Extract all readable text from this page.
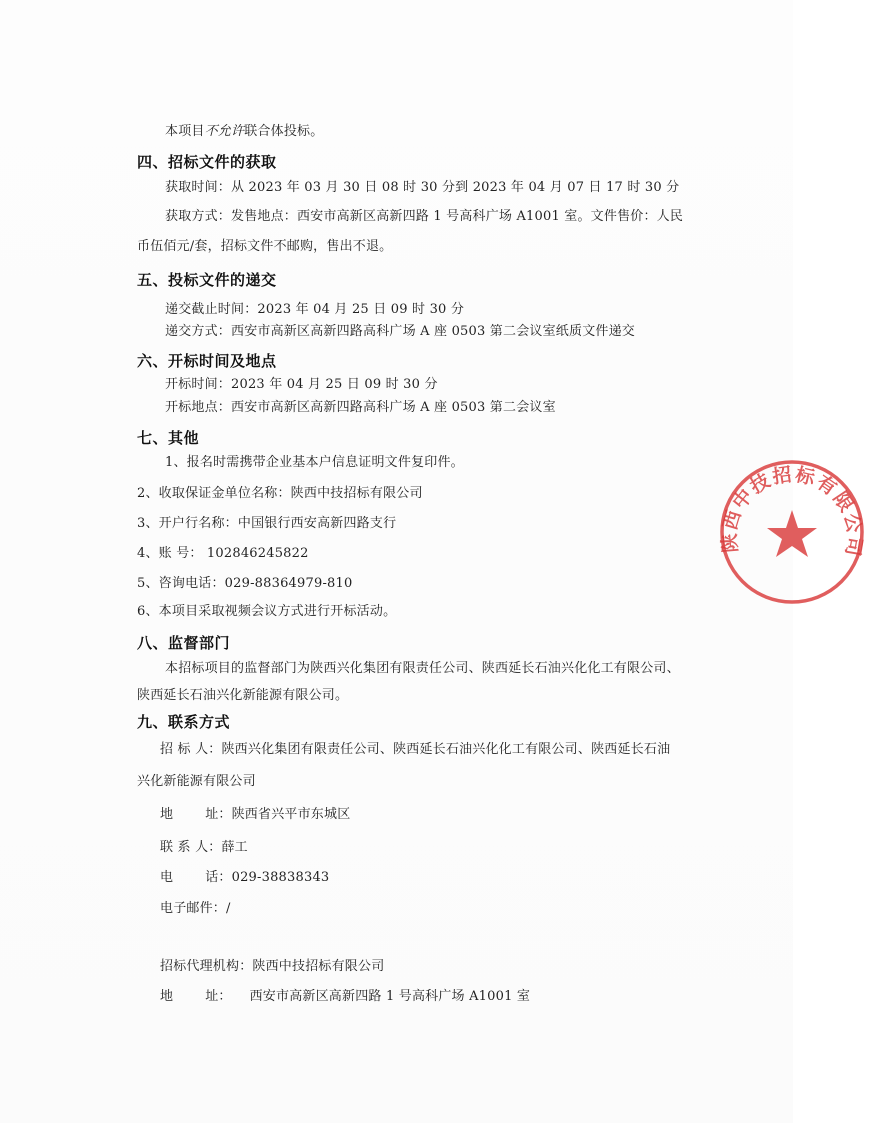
本项目不允许联合体投标。
四、招标文件的获取
获取时间：从 2023 年 03 月 30 日 08 时 30 分到 2023 年 04 月 07 日 17 时 30 分
获取方式：发售地点：西安市高新区高新四路 1 号高科广场 A1001 室。文件售价：人民
币伍佰元/套，招标文件不邮购，售出不退。
五、投标文件的递交
递交截止时间：2023 年 04 月 25 日 09 时 30 分
递交方式：西安市高新区高新四路高科广场 A 座 0503 第二会议室纸质文件递交
六、开标时间及地点
开标时间：2023 年 04 月 25 日 09 时 30 分
开标地点：西安市高新区高新四路高科广场 A 座 0503 第二会议室
七、其他
1、报名时需携带企业基本户信息证明文件复印件。
2、收取保证金单位名称：陕西中技招标有限公司
3、开户行名称：中国银行西安高新四路支行
4、账 号： 102846245822
5、咨询电话：029-88364979-810
6、本项目采取视频会议方式进行开标活动。
八、监督部门
本招标项目的监督部门为陕西兴化集团有限责任公司、陕西延长石油兴化化工有限公司、
陕西延长石油兴化新能源有限公司。
九、联系方式
招 标 人：陕西兴化集团有限责任公司、陕西延长石油兴化化工有限公司、陕西延长石油
兴化新能源有限公司
地 址：陕西省兴平市东城区
联 系 人：薛工
电 话：029-38838343
电子邮件：/
招标代理机构：陕西中技招标有限公司
地 址： 西安市高新区高新四路 1 号高科广场 A1001 室
陕西中技招标有限公司
